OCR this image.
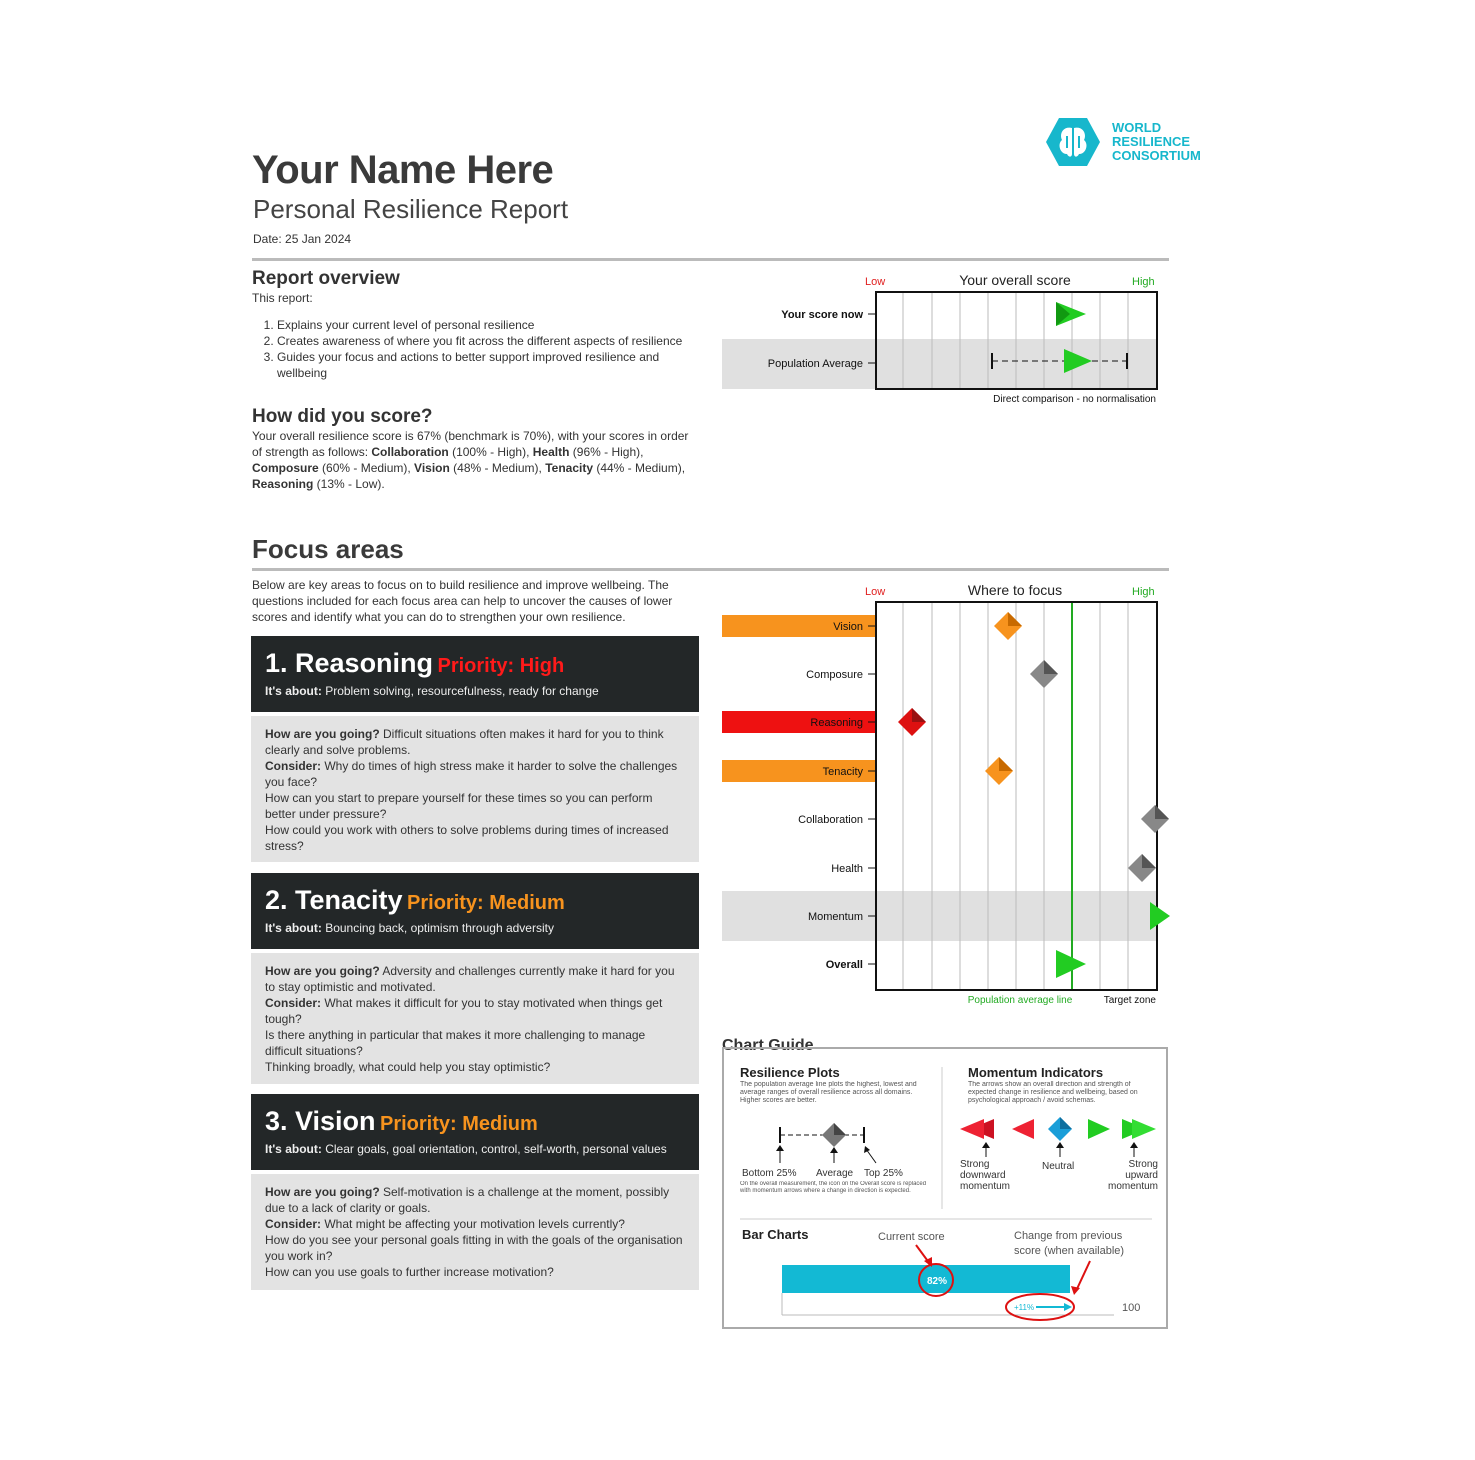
Your Name Here
Personal Resilience Report
Date: 25 Jan 2024
WORLD
RESILIENCE
CONSORTIUM
Report overview
This report:
1. Explains your current level of personal resilience
2. Creates awareness of where you fit across the different aspects of resilience
3. Guides your focus and actions to better support improved resilience and wellbeing
How did you score?
Your overall resilience score is 67% (benchmark is 70%), with your scores in order of strength as follows: Collaboration (100% - High), Health (96% - High), Composure (60% - Medium), Vision (48% - Medium), Tenacity (44% - Medium), Reasoning (13% - Low).
Low	Your overall score	High
Your score now
Population Average
Direct comparison - no normalisation
Focus areas
Below are key areas to focus on to build resilience and improve wellbeing. The questions included for each focus area can help to uncover the causes of lower scores and identify what you can do to strengthen your own resilience.
1. Reasoning Priority: High
It's about: Problem solving, resourcefulness, ready for change
How are you going? Difficult situations often makes it hard for you to think clearly and solve problems.
Consider: Why do times of high stress make it harder to solve the challenges you face?
How can you start to prepare yourself for these times so you can perform better under pressure?
How could you work with others to solve problems during times of increased stress?
2. Tenacity Priority: Medium
It's about: Bouncing back, optimism through adversity
How are you going? Adversity and challenges currently make it hard for you to stay optimistic and motivated.
Consider: What makes it difficult for you to stay motivated when things get tough?
Is there anything in particular that makes it more challenging to manage difficult situations?
Thinking broadly, what could help you stay optimistic?
3. Vision Priority: Medium
It's about: Clear goals, goal orientation, control, self-worth, personal values
How are you going? Self-motivation is a challenge at the moment, possibly due to a lack of clarity or goals.
Consider: What might be affecting your motivation levels currently?
How do you see your personal goals fitting in with the goals of the organisation you work in?
How can you use goals to further increase motivation?
Low	Where to focus	High
Vision
Composure
Reasoning
Tenacity
Collaboration
Health
Momentum
Overall
Population average line	Target zone
Chart Guide
Resilience Plots
The population average line plots the highest, lowest and average ranges of overall resilience across all domains. Higher scores are better.
Bottom 25% Average Top 25%
On the overall measurement, the icon on the Overall score is replaced with momentum arrows where a change in direction is expected.
Momentum Indicators
The arrows show an overall direction and strength of expected change in resilience and wellbeing, based on psychological approach / avoid schemas.
Strong downward momentum
Neutral	Strong upward momentum
Bar Charts	Current score	Change from previous score (when available)
82%
+11%	100
